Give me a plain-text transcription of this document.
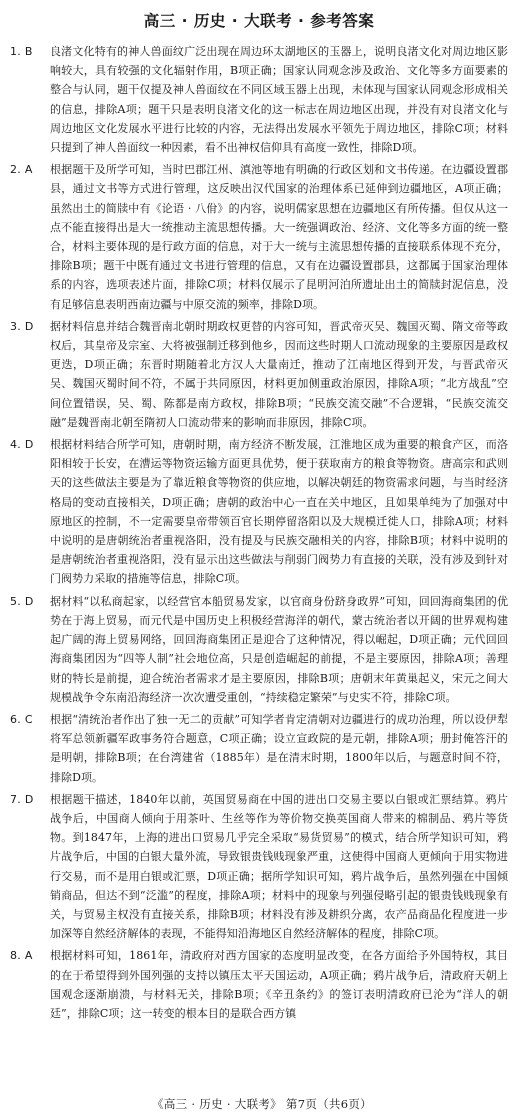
高三 · 历史 · 大联考 · 参考答案
1. B	良渚文化特有的神人兽面纹广泛出现在周边环太湖地区的玉器上，说明良渚文化对周边地区影响较大，具有较强的文化辐射作用，B项正确；国家认同观念涉及政治、文化等多方面要素的整合与认同，题干仅提及神人兽面纹在不同区域玉器上出现，未体现与国家认同观念形成相关的信息，排除A项；题干只是表明良渚文化的这一标志在周边地区出现，并没有对良渚文化与周边地区文化发展水平进行比较的内容，无法得出发展水平领先于周边地区，排除C项；材料只提到了神人兽面纹一种因素，看不出神权信仰具有高度一致性，排除D项。
2. A	根据题干及所学可知，当时巴郡江州、滇池等地有明确的行政区划和文书传递。在边疆设置郡县，通过文书等方式进行管理，这反映出汉代国家的治理体系已延伸到边疆地区，A项正确；虽然出土的简牍中有《论语 · 八佾》的内容，说明儒家思想在边疆地区有所传播。但仅从这一点不能直接得出是大一统推动主流思想传播。大一统强调政治、经济、文化等多方面的统一整合，材料主要体现的是行政方面的信息，对于大一统与主流思想传播的直接联系体现不充分，排除B项；题干中既有通过文书进行管理的信息，又有在边疆设置郡县，这都属于国家治理体系的内容，选项表述片面，排除C项；材料仅展示了昆明河泊所遗址出土的简牍封泥信息，没有足够信息表明西南边疆与中原交流的频率，排除D项。
3. D	据材料信息并结合魏晋南北朝时期政权更替的内容可知，晋武帝灭吴、魏国灭蜀、隋文帝等政权后，其皇帝及宗室、大将被强制迁移到他乡，因而这些时期人口流动现象的主要原因是政权更迭，D项正确；东晋时期随着北方汉人大量南迁，推动了江南地区得到开发，与晋武帝灭吴、魏国灭蜀时间不符，不属于共同原因，材料更加侧重政治原因，排除A项；“北方战乱”空间位置错误，吴、蜀、陈都是南方政权，排除B项；“民族交流交融”不合逻辑，“民族交流交融”是魏晋南北朝至隋初人口流动带来的影响而非原因，排除C项。
4. D	根据材料结合所学可知，唐朝时期，南方经济不断发展，江淮地区成为重要的粮食产区，而洛阳相较于长安，在漕运等物资运输方面更具优势，便于获取南方的粮食等物资。唐高宗和武则天的这些做法主要是为了靠近粮食等物资的供应地，以解决朝廷的物资需求问题，与当时经济格局的变动直接相关，D项正确；唐朝的政治中心一直在关中地区，且如果单纯为了加强对中原地区的控制，不一定需要皇帝带领百官长期停留洛阳以及大规模迁徙人口，排除A项；材料中说明的是唐朝统治者重视洛阳，没有提及与民族交融相关的内容，排除B项；材料中说明的是唐朝统治者重视洛阳，没有显示出这些做法与削弱门阀势力有直接的关联，没有涉及到针对门阀势力采取的措施等信息，排除C项。
5. D	据材料“以私商起家，以经营官本船贸易发家，以官商身份跻身政界”可知，回回海商集团的优势在于海上贸易，而元代是中国历史上积极经营海洋的朝代，蒙古统治者以开阔的世界观构建起广阔的海上贸易网络，回回海商集团正是迎合了这种情况，得以崛起，D项正确；元代回回海商集团因为“四等人制”社会地位高，只是创造崛起的前提，不是主要原因，排除A项；善理财的特长是前提，迎合统治者需求才是主要原因，排除B项；唐朝末年黄巢起义，宋元之间大规模战争令东南沿海经济一次次遭受重创，“持续稳定繁荣”与史实不符，排除C项。
6. C	根据“清统治者作出了独一无二的贡献”可知学者肯定清朝对边疆进行的成功治理，所以设伊犁将军总领新疆军政事务符合题意，C项正确；设立宣政院的是元朝，排除A项；册封俺答汗的是明朝，排除B项；在台湾建省（1885年）是在清末时期，1800年以后，与题意时间不符，排除D项。
7. D	根据题干描述，1840年以前，英国贸易商在中国的进出口交易主要以白银或汇票结算。鸦片战争后，中国商人倾向于用茶叶、生丝等作为等价物交换英国商人带来的棉制品、鸦片等货物。到1847年，上海的进出口贸易几乎完全采取“易货贸易”的模式，结合所学知识可知，鸦片战争后，中国的白银大量外流，导致银贵钱贱现象严重，这使得中国商人更倾向于用实物进行交易，而不是用白银或汇票，D项正确；据所学知识可知，鸦片战争后，虽然列强在中国倾销商品，但达不到“泛滥”的程度，排除A项；材料中的现象与列强侵略引起的银贵钱贱现象有关，与贸易主权没有直接关系，排除B项；材料没有涉及耕织分离，农产品商品化程度进一步加深等自然经济解体的表现，不能得知沿海地区自然经济解体的程度，排除C项。
8. A	根据材料可知，1861年，清政府对西方国家的态度明显改变，在各方面给予外国特权，其目的在于希望得到外国列强的支持以镇压太平天国运动，A项正确；鸦片战争后，清政府天朝上国观念逐渐崩溃，与材料无关，排除B项；《辛丑条约》的签订表明清政府已沦为“洋人的朝廷”，排除C项；这一转变的根本目的是联合西方镇
《高三 · 历史 · 大联考》 第7页（共6页）
